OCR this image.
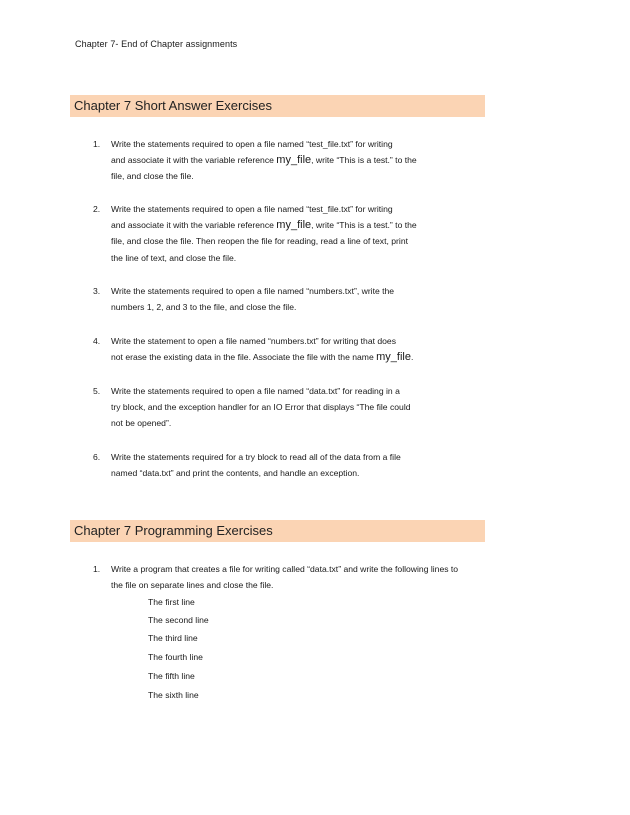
Chapter 7- End of Chapter assignments
Chapter 7 Short Answer Exercises
1. Write the statements required to open a file named “test_file.txt” for writing
and associate it with the variable reference my_file, write “This is a test.” to the
file, and close the file.
2. Write the statements required to open a file named “test_file.txt” for writing
and associate it with the variable reference my_file, write “This is a test.” to the
file, and close the file. Then reopen the file for reading, read a line of text, print
the line of text, and close the file.
3. Write the statements required to open a file named “numbers.txt”, write the
numbers 1, 2, and 3 to the file, and close the file.
4. Write the statement to open a file named “numbers.txt” for writing that does
not erase the existing data in the file. Associate the file with the name my_file.
5. Write the statements required to open a file named “data.txt” for reading in a
try block, and the exception handler for an IO Error that displays “The file could
not be opened”.
6. Write the statements required for a try block to read all of the data from a file
named “data.txt” and print the contents, and handle an exception.
Chapter 7 Programming Exercises
1. Write a program that creates a file for writing called “data.txt” and write the following lines to
the file on separate lines and close the file.
The first line
The second line
The third line
The fourth line
The fifth line
The sixth line
